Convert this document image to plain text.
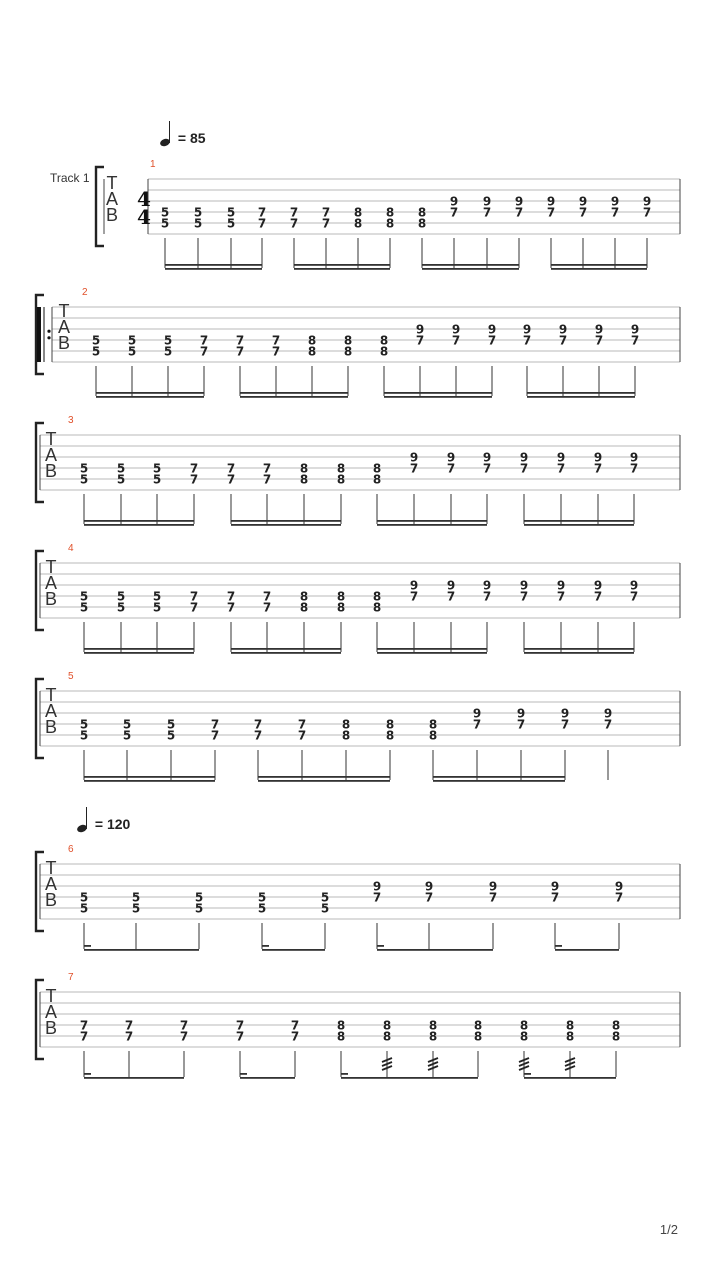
= 85
= 120
Track 1
1/2
T
A
B
4
4
1
5
5
5
5
5
5
7
7
7
7
7
7
8
8
8
8
8
8
9
7
9
7
9
7
9
7
9
7
9
7
9
7
T
A
B
2
5
5
5
5
5
5
7
7
7
7
7
7
8
8
8
8
8
8
9
7
9
7
9
7
9
7
9
7
9
7
9
7
T
A
B
3
5
5
5
5
5
5
7
7
7
7
7
7
8
8
8
8
8
8
9
7
9
7
9
7
9
7
9
7
9
7
9
7
T
A
B
4
5
5
5
5
5
5
7
7
7
7
7
7
8
8
8
8
8
8
9
7
9
7
9
7
9
7
9
7
9
7
9
7
T
A
B
5
5
5
5
5
5
5
7
7
7
7
7
7
8
8
8
8
8
8
9
7
9
7
9
7
9
7
T
A
B
6
5
5
5
5
5
5
5
5
5
5
9
7
9
7
9
7
9
7
9
7
T
A
B
7
7
7
7
7
7
7
7
7
7
7
8
8
8
8
8
8
8
8
8
8
8
8
8
8
